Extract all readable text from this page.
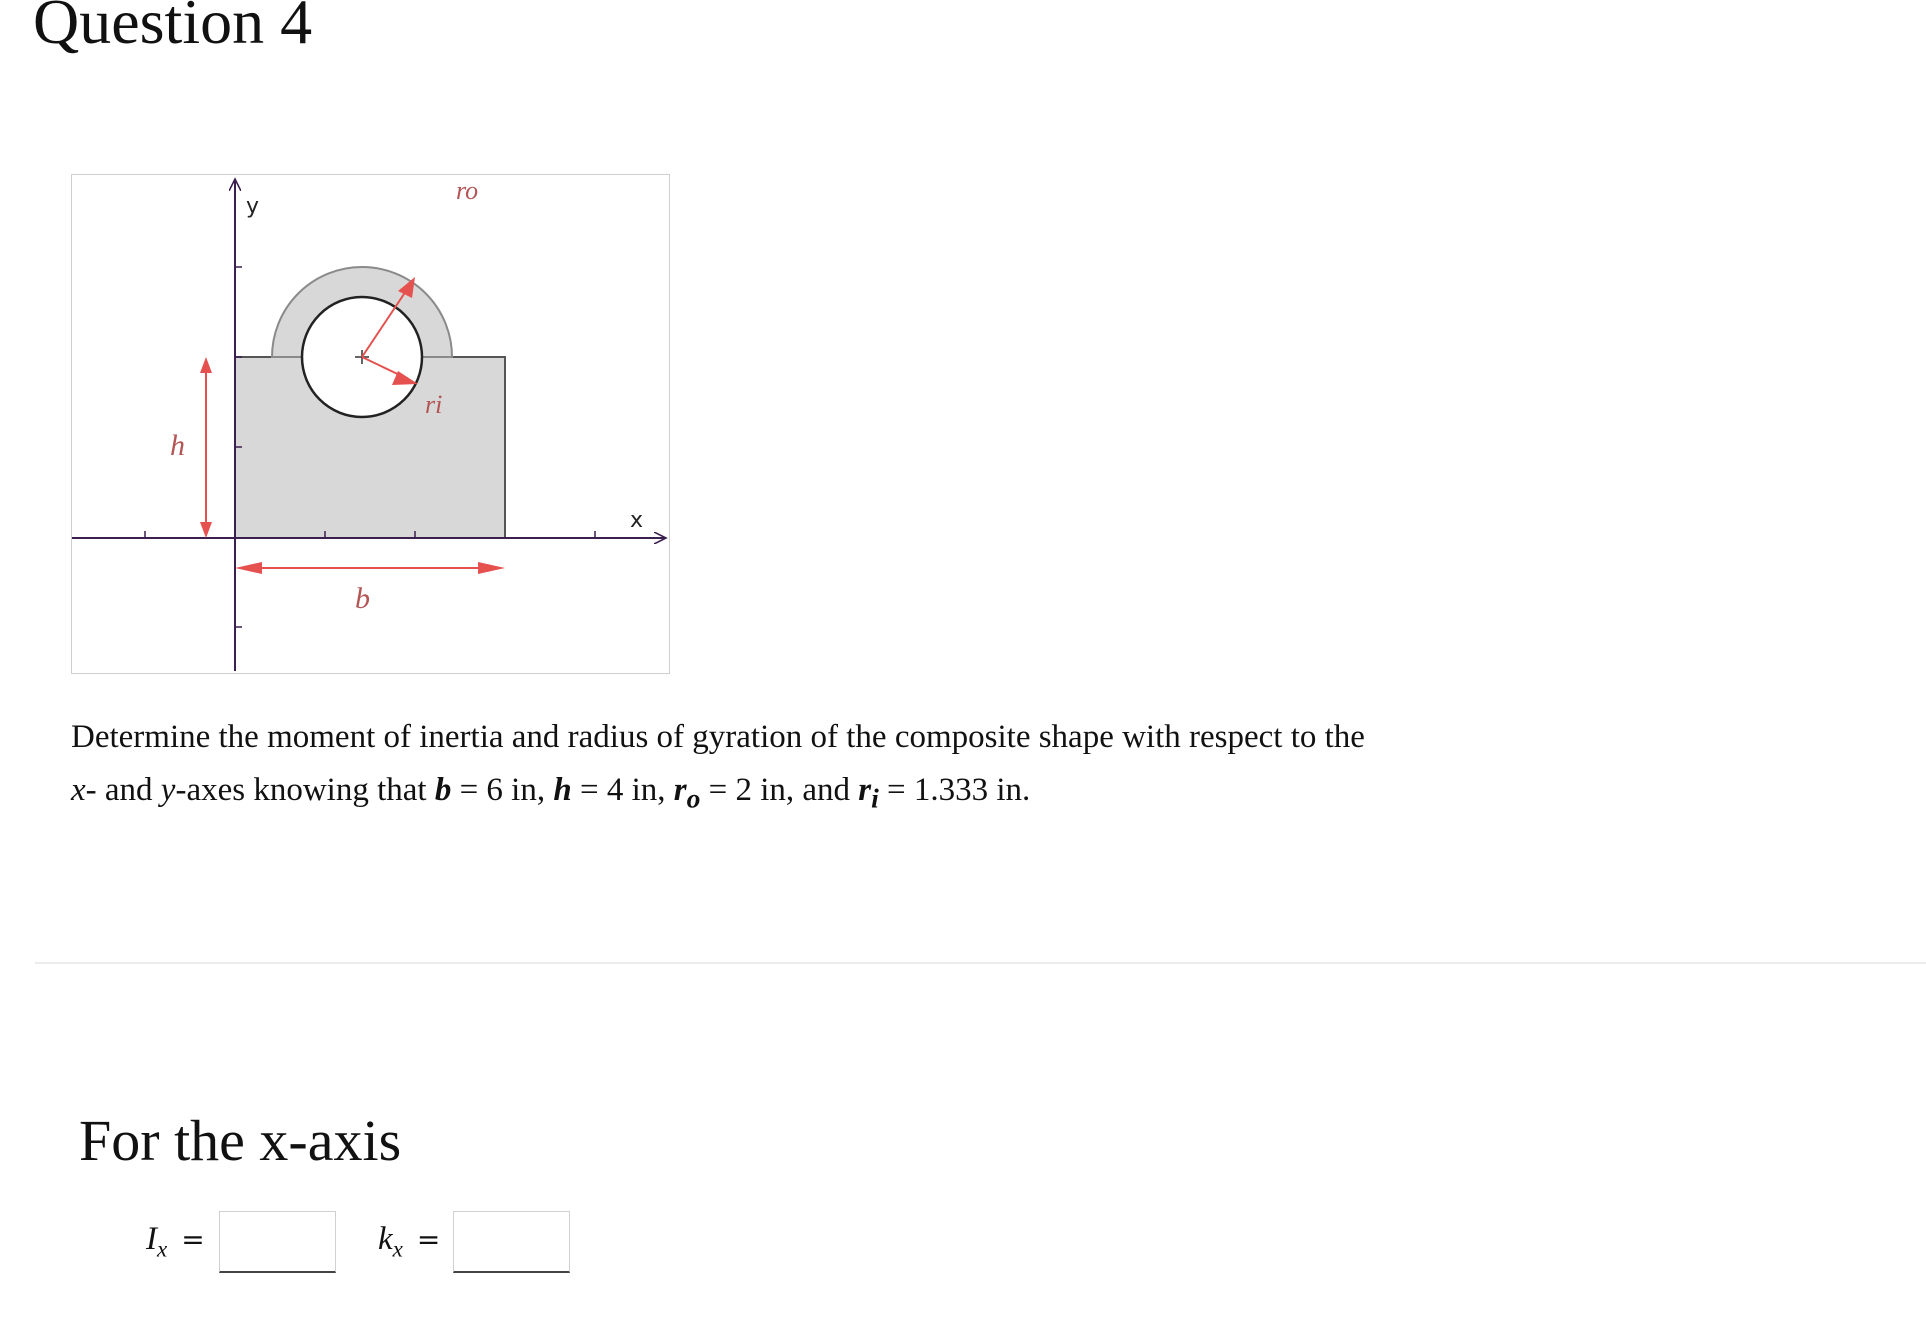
Question 4
y
x
h
b
ro
ri

Determine the moment of inertia and radius of gyration of the composite shape with respect to the
x- and y-axes knowing that b = 6 in, h = 4 in, $r_o = 2$ in, and $r_i = 1.333$ in.

For the x-axis
$I_x$ =	$k_x$ =
